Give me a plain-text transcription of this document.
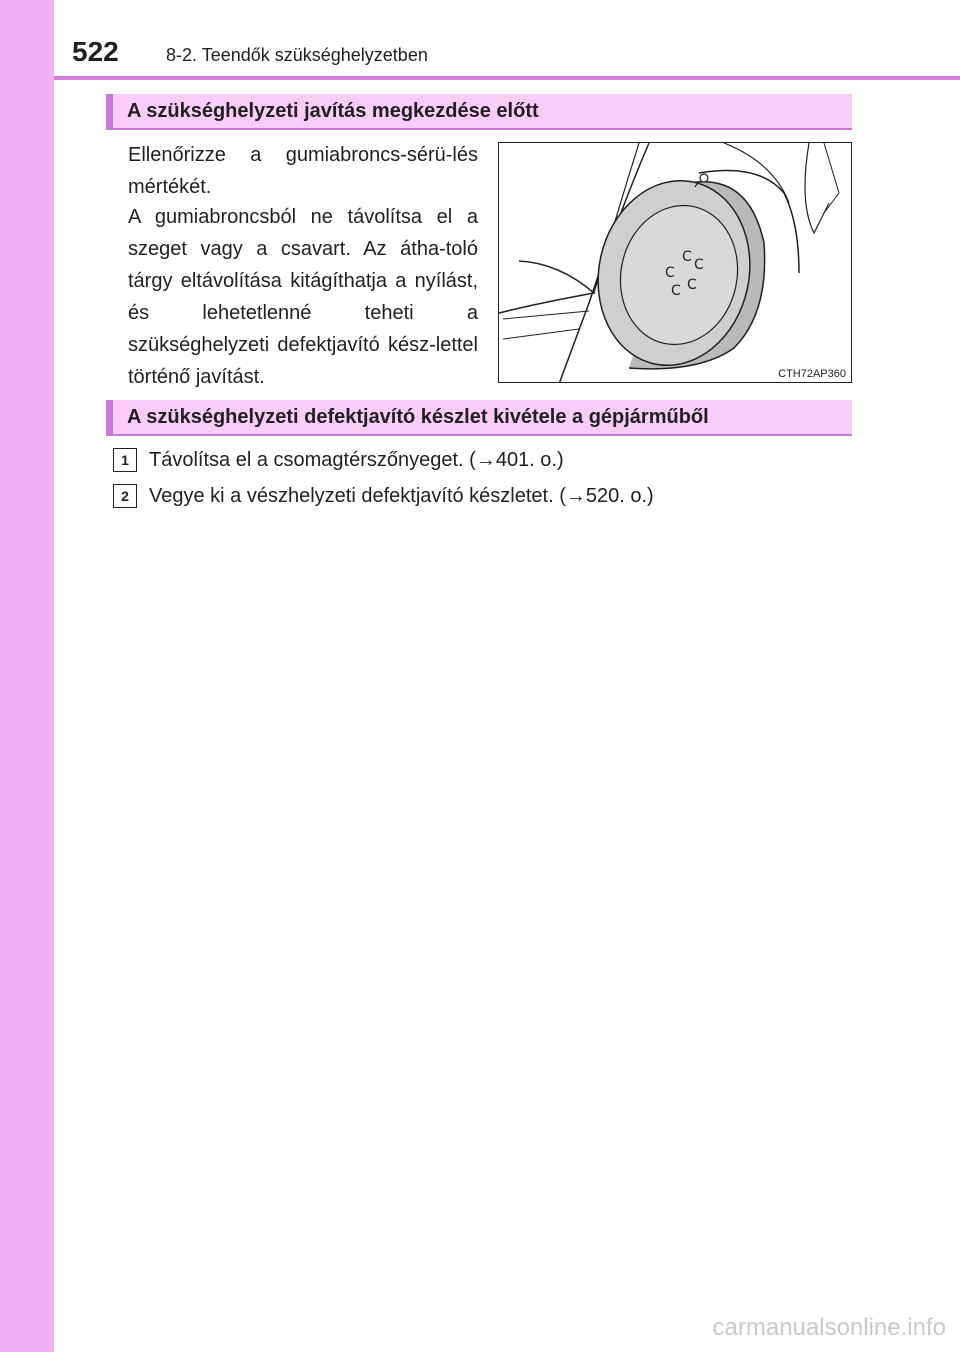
522	8-2. Teendők szükséghelyzetben
A szükséghelyzeti javítás megkezdése előtt

Ellenőrizze a gumiabroncs-sérü-lés mértékét.

A gumiabroncsból ne távolítsa el a szeget vagy a csavart. Az átha-toló tárgy eltávolítása kitágíthatja a nyílást, és lehetetlenné teheti a szükséghelyzeti defektjavító kész-lettel történő javítást.

C C
C
C
C
CTH72AP360
A szükséghelyzeti defektjavító készlet kivétele a gépjárműből
1	Távolítsa el a csomagtérszőnyeget. (→401. o.)
2	Vegye ki a vészhelyzeti defektjavító készletet. (→520. o.)
carmanualsonline.info
